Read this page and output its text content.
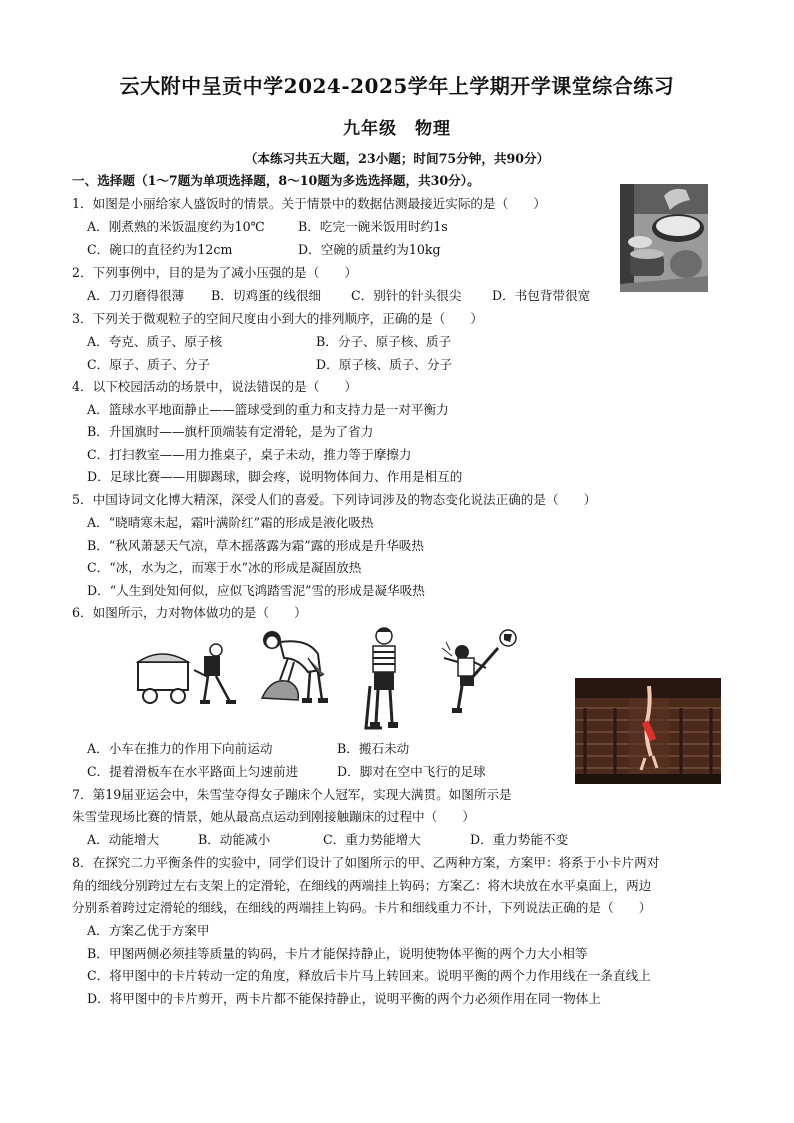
云大附中呈贡中学2024-2025学年上学期开学课堂综合练习
九年级　物理
（本练习共五大题，23小题；时间75分钟，共90分）
一、选择题（1～7题为单项选择题，8～10题为多选选择题，共30分）。
1．如图是小丽给家人盛饭时的情景。关于情景中的数据估测最接近实际的是（　　）
A．刚煮熟的米饭温度约为10℃	B．吃完一碗米饭用时约1s
C．碗口的直径约为12cm	D．空碗的质量约为10kg
2．下列事例中，目的是为了减小压强的是（　　）
A．刀刃磨得很薄 B．切鸡蛋的线很细 C．别针的针头很尖 D．书包背带很宽
3．下列关于微观粒子的空间尺度由小到大的排列顺序，正确的是（　　）
A．夸克、质子、原子核	B．分子、原子核、质子
C．原子、质子、分子	D．原子核、质子、分子
4．以下校园活动的场景中，说法错误的是（　　）
A．篮球水平地面静止——篮球受到的重力和支持力是一对平衡力
B．升国旗时——旗杆顶端装有定滑轮，是为了省力
C．打扫教室——用力推桌子，桌子未动，推力等于摩擦力
D．足球比赛——用脚踢球，脚会疼，说明物体间力、作用是相互的
5．中国诗词文化博大精深，深受人们的喜爱。下列诗词涉及的物态变化说法正确的是（　　）
A．“晓晴寒未起，霜叶满阶红”霜的形成是液化吸热
B．“秋风萧瑟天气凉，草木摇落露为霜”露的形成是升华吸热
C．“冰，水为之，而寒于水”冰的形成是凝固放热
D．“人生到处知何似，应似飞鸿踏雪泥”雪的形成是凝华吸热
6．如图所示，力对物体做功的是（　　）
A．小车在推力的作用下向前运动	B．搬石未动
C．提着滑板车在水平路面上匀速前进	D．脚对在空中飞行的足球
7．第19届亚运会中，朱雪莹夺得女子蹦床个人冠军，实现大满贯。如图所示是
朱雪莹现场比赛的情景，她从最高点运动到刚接触蹦床的过程中（　　）
A．动能增大	B．动能减小	C．重力势能增大	D．重力势能不变
8．在探究二力平衡条件的实验中，同学们设计了如图所示的甲、乙两种方案，方案甲：将系于小卡片两对
角的细线分别跨过左右支架上的定滑轮，在细线的两端挂上钩码；方案乙：将木块放在水平桌面上，两边
分别系着跨过定滑轮的细线，在细线的两端挂上钩码。卡片和细线重力不计，下列说法正确的是（　　）
A．方案乙优于方案甲
B．甲图两侧必须挂等质量的钩码，卡片才能保持静止，说明使物体平衡的两个力大小相等
C．将甲图中的卡片转动一定的角度，释放后卡片马上转回来。说明平衡的两个力作用线在一条直线上
D．将甲图中的卡片剪开，两卡片都不能保持静止，说明平衡的两个力必须作用在同一物体上
